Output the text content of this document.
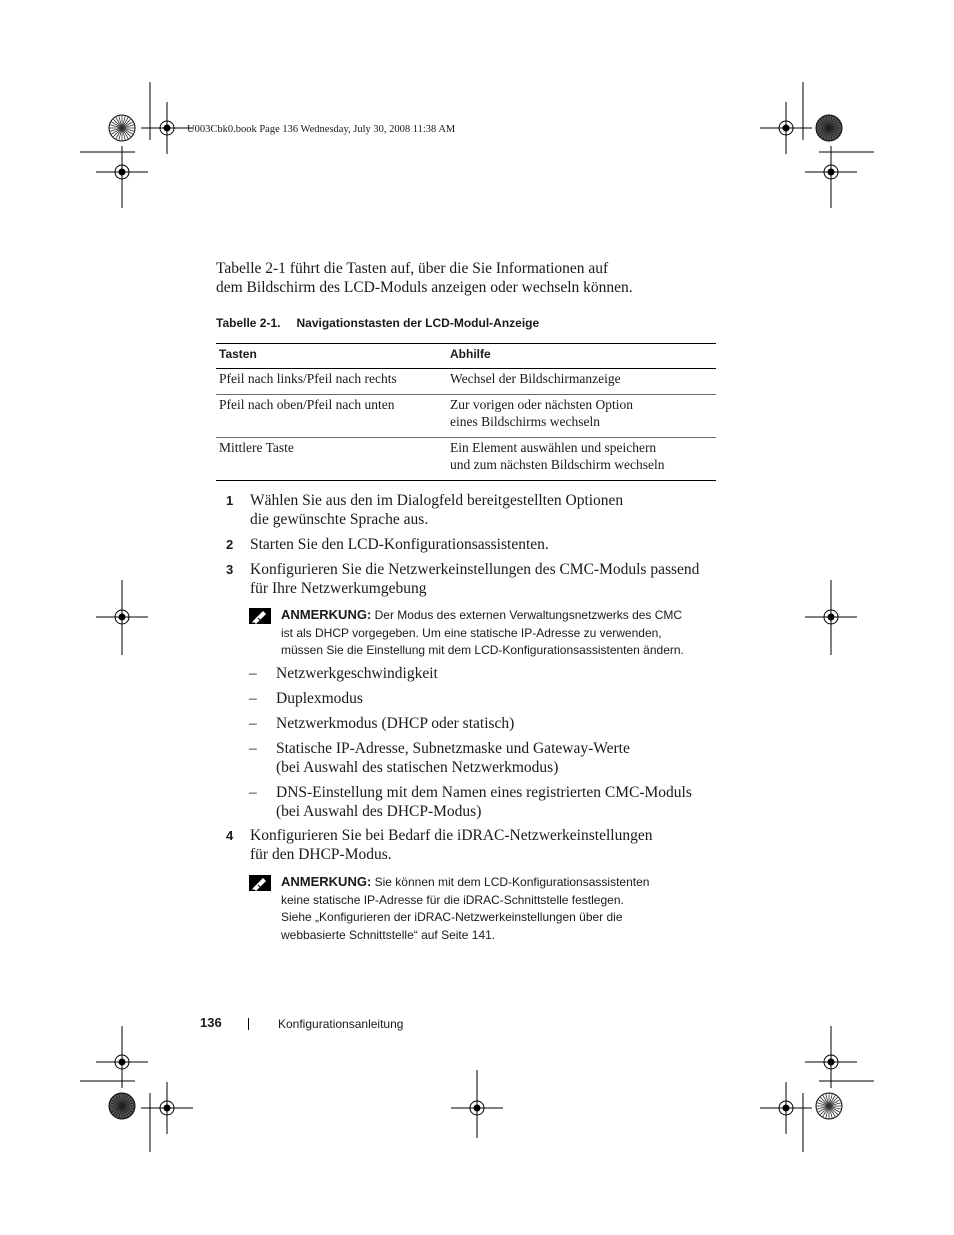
U003Cbk0.book Page 136 Wednesday, July 30, 2008 11:38 AM
Tabelle 2-1 führt die Tasten auf, über die Sie Informationen auf
dem Bildschirm des LCD-Moduls anzeigen oder wechseln können.
Tabelle 2-1. Navigationstasten der LCD-Modul-Anzeige
Tasten	Abhilfe

Pfeil nach links/Pfeil nach rechts	Wechsel der Bildschirmanzeige

Pfeil nach oben/Pfeil nach unten	Zur vorigen oder nächsten Option
eines Bildschirms wechseln

Mittlere Taste	Ein Element auswählen und speichern
und zum nächsten Bildschirm wechseln
1 Wählen Sie aus den im Dialogfeld bereitgestellten Optionen
die gewünschte Sprache aus.
2 Starten Sie den LCD-Konfigurationsassistenten.
3 Konfigurieren Sie die Netzwerkeinstellungen des CMC-Moduls passend
für Ihre Netzwerkumgebung
ANMERKUNG: Der Modus des externen Verwaltungsnetzwerks des CMC
ist als DHCP vorgegeben. Um eine statische IP-Adresse zu verwenden,
müssen Sie die Einstellung mit dem LCD-Konfigurationsassistenten ändern.
– Netzwerkgeschwindigkeit
– Duplexmodus
– Netzwerkmodus (DHCP oder statisch)
– Statische IP-Adresse, Subnetzmaske und Gateway-Werte
(bei Auswahl des statischen Netzwerkmodus)
– DNS-Einstellung mit dem Namen eines registrierten CMC-Moduls
(bei Auswahl des DHCP-Modus)
4 Konfigurieren Sie bei Bedarf die iDRAC-Netzwerkeinstellungen
für den DHCP-Modus.
ANMERKUNG: Sie können mit dem LCD-Konfigurationsassistenten
keine statische IP-Adresse für die iDRAC-Schnittstelle festlegen.
Siehe „Konfigurieren der iDRAC-Netzwerkeinstellungen über die
webbasierte Schnittstelle“ auf Seite 141.
136	Konfigurationsanleitung
